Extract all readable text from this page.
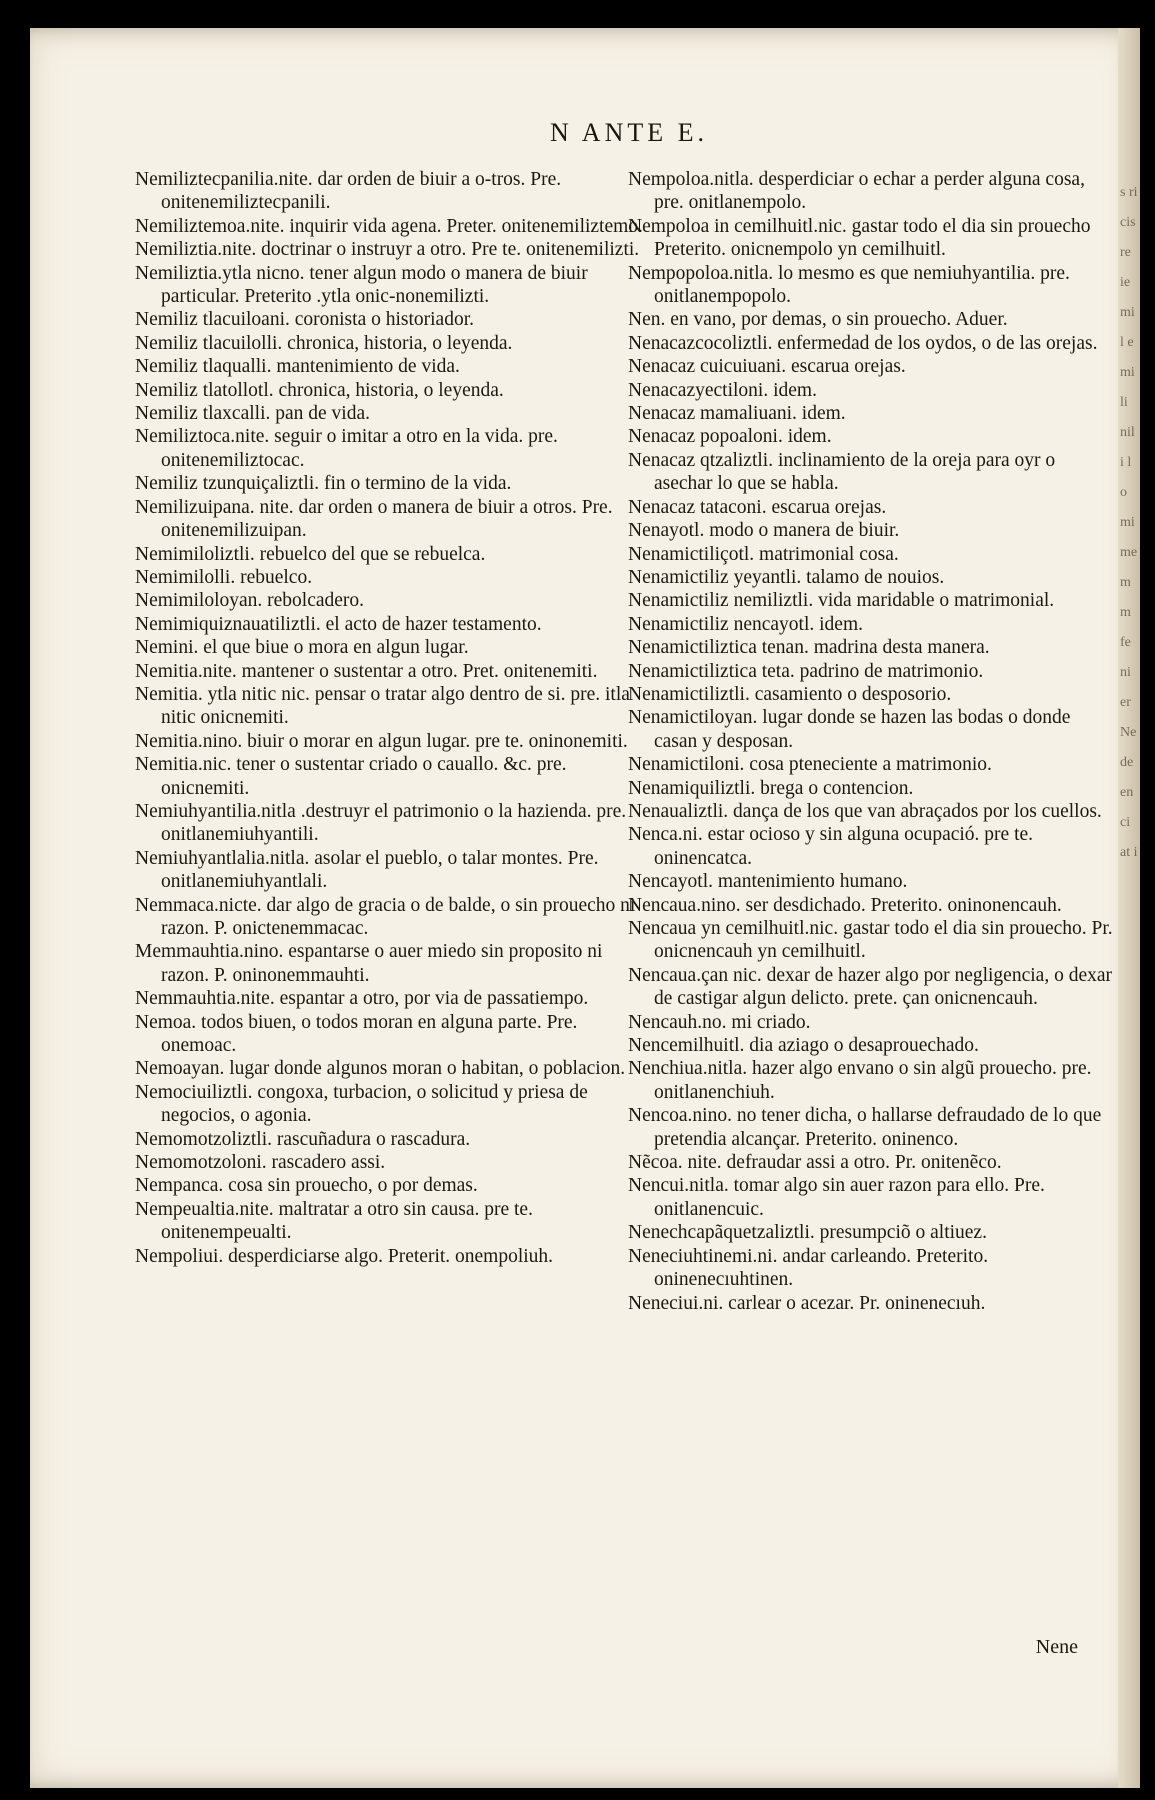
s ri cis re ie mil emili nili lo mi me mm fe ni er Ne de en ci at i
N ANTE E.

Nemiliztecpanilia.nite. dar orden de biuir a o-tros. Pre. onitenemiliztecpanili.

Nemiliztemoa.nite. inquirir vida agena. Preter. onitenemiliztemo.

Nemiliztia.nite. doctrinar o instruyr a otro. Pre te. onitenemilizti.

Nemiliztia.ytla nicno. tener algun modo o manera de biuir particular. Preterito .ytla onic-nonemilizti.

Nemiliz tlacuiloani. coronista o historiador.

Nemiliz tlacuilolli. chronica, historia, o leyenda.

Nemiliz tlaqualli. mantenimiento de vida.

Nemiliz tlatollotl. chronica, historia, o leyenda.

Nemiliz tlaxcalli. pan de vida.

Nemiliztoca.nite. seguir o imitar a otro en la vida. pre. onitenemiliztocac.

Nemiliz tzunquiçaliztli. fin o termino de la vida.

Nemilizuipana. nite. dar orden o manera de biuir a otros. Pre. onitenemilizuipan.

Nemimiloliztli. rebuelco del que se rebuelca.

Nemimilolli. rebuelco.

Nemimiloloyan. rebolcadero.

Nemimiquiznauatiliztli. el acto de hazer testamento.

Nemini. el que biue o mora en algun lugar.

Nemitia.nite. mantener o sustentar a otro. Pret. onitenemiti.

Nemitia. ytla nitic nic. pensar o tratar algo dentro de si. pre. itla nitic onicnemiti.

Nemitia.nino. biuir o morar en algun lugar. pre te. oninonemiti.

Nemitia.nic. tener o sustentar criado o cauallo. &c. pre. onicnemiti.

Nemiuhyantilia.nitla .destruyr el patrimonio o la hazienda. pre. onitlanemiuhyantili.

Nemiuhyantlalia.nitla. asolar el pueblo, o talar montes. Pre. onitlanemiuhyantlali.

Nemmaca.nicte. dar algo de gracia o de balde, o sin prouecho ni razon. P. onictenemmacac.

Memmauhtia.nino. espantarse o auer miedo sin proposito ni razon. P. oninonemmauhti.

Nemmauhtia.nite. espantar a otro, por via de passatiempo.

Nemoa. todos biuen, o todos moran en alguna parte. Pre. onemoac.

Nemoayan. lugar donde algunos moran o habitan, o poblacion.

Nemociuiliztli. congoxa, turbacion, o solicitud y priesa de negocios, o agonia.

Nemomotzoliztli. rascuñadura o rascadura.

Nemomotzoloni. rascadero assi.

Nempanca. cosa sin prouecho, o por demas.

Nempeualtia.nite. maltratar a otro sin causa. pre te. onitenempeualti.

Nempoliui. desperdiciarse algo. Preterit. onempoliuh.

Nempoloa.nitla. desperdiciar o echar a perder alguna cosa, pre. onitlanempolo.

Nempoloa in cemilhuitl.nic. gastar todo el dia sin prouecho Preterito. onicnempolo yn cemilhuitl.

Nempopoloa.nitla. lo mesmo es que nemiuhyantilia. pre. onitlanempopolo.

Nen. en vano, por demas, o sin prouecho. Aduer.

Nenacazcocoliztli. enfermedad de los oydos, o de las orejas.

Nenacaz cuicuiuani. escarua orejas.

Nenacazyectiloni. idem.

Nenacaz mamaliuani. idem.

Nenacaz popoaloni. idem.

Nenacaz qtzaliztli. inclinamiento de la oreja para oyr o asechar lo que se habla.

Nenacaz tataconi. escarua orejas.

Nenayotl. modo o manera de biuir.

Nenamictiliçotl. matrimonial cosa.

Nenamictiliz yeyantli. talamo de nouios.

Nenamictiliz nemiliztli. vida maridable o matrimonial.

Nenamictiliz nencayotl. idem.

Nenamictiliztica tenan. madrina desta manera.

Nenamictiliztica teta. padrino de matrimonio.

Nenamictiliztli. casamiento o desposorio.

Nenamictiloyan. lugar donde se hazen las bodas o donde casan y desposan.

Nenamictiloni. cosa pteneciente a matrimonio.

Nenamiquiliztli. brega o contencion.

Nenaualiztli. dança de los que van abraçados por los cuellos.

Nenca.ni. estar ocioso y sin alguna ocupació. pre te. oninencatca.

Nencayotl. mantenimiento humano.

Nencaua.nino. ser desdichado. Preterito. oninonencauh.

Nencaua yn cemilhuitl.nic. gastar todo el dia sin prouecho. Pr. onicnencauh yn cemilhuitl.

Nencaua.çan nic. dexar de hazer algo por negligencia, o dexar de castigar algun delicto. prete. çan onicnencauh.

Nencauh.no. mi criado.

Nencemilhuitl. dia aziago o desaprouechado.

Nenchiua.nitla. hazer algo envano o sin algũ prouecho. pre. onitlanenchiuh.

Nencoa.nino. no tener dicha, o hallarse defraudado de lo que pretendia alcançar. Preterito. oninenco.

Nẽcoa. nite. defraudar assi a otro. Pr. onitenẽco.

Nencui.nitla. tomar algo sin auer razon para ello. Pre. onitlanencuic.

Nenechcapãquetzaliztli. presumpciõ o altiuez.

Neneciuhtinemi.ni. andar carleando. Preterito. oninenecıuhtinen.

Neneciui.ni. carlear o acezar. Pr. oninenecıuh.

Nene
